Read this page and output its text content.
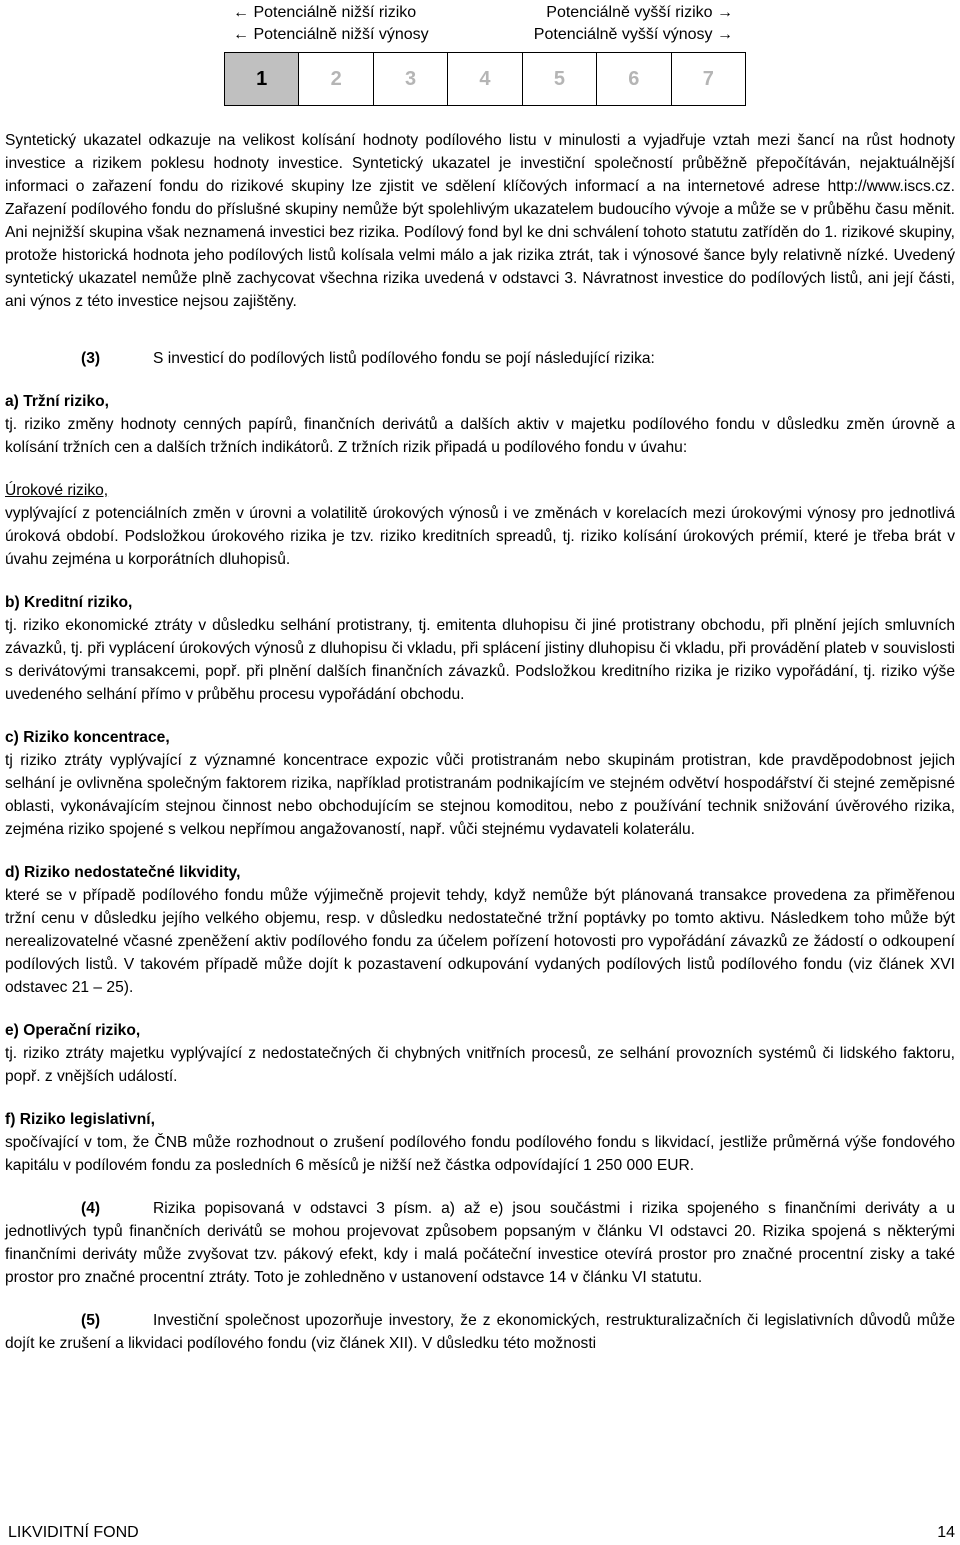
← Potenciálně nižší riziko	Potenciálně vyšší riziko →
← Potenciálně nižší výnosy	Potenciálně vyšší výnosy →
1	2	3	4	5	6	7

Syntetický ukazatel odkazuje na velikost kolísání hodnoty podílového listu v minulosti a vyjadřuje vztah mezi šancí na růst hodnoty investice a rizikem poklesu hodnoty investice. Syntetický ukazatel je investiční společností průběžně přepočítáván, nejaktuálnější informaci o zařazení fondu do rizikové skupiny lze zjistit ve sdělení klíčových informací a na internetové adrese http://www.iscs.cz. Zařazení podílového fondu do příslušné skupiny nemůže být spolehlivým ukazatelem budoucího vývoje a může se v průběhu času měnit. Ani nejnižší skupina však neznamená investici bez rizika. Podílový fond byl ke dni schválení tohoto statutu zatříděn do 1. rizikové skupiny, protože historická hodnota jeho podílových listů kolísala velmi málo a jak rizika ztrát, tak i výnosové šance byly relativně nízké. Uvedený syntetický ukazatel nemůže plně zachycovat všechna rizika uvedená v odstavci 3. Návratnost investice do podílových listů, ani její části, ani výnos z této investice nejsou zajištěny.

(3)	S investicí do podílových listů podílového fondu se pojí následující rizika:

a) Tržní riziko,

tj. riziko změny hodnoty cenných papírů, finančních derivátů a dalších aktiv v majetku podílového fondu v důsledku změn úrovně a kolísání tržních cen a dalších tržních indikátorů. Z tržních rizik připadá u podílového fondu v úvahu:

Úrokové riziko,

vyplývající z potenciálních změn v úrovni a volatilitě úrokových výnosů i ve změnách v korelacích mezi úrokovými výnosy pro jednotlivá úroková období. Podsložkou úrokového rizika je tzv. riziko kreditních spreadů, tj. riziko kolísání úrokových prémií, které je třeba brát v úvahu zejména u korporátních dluhopisů.

b) Kreditní riziko,

tj. riziko ekonomické ztráty v důsledku selhání protistrany, tj. emitenta dluhopisu či jiné protistrany obchodu, při plnění jejích smluvních závazků, tj. při vyplácení úrokových výnosů z dluhopisu či vkladu, při splácení jistiny dluhopisu či vkladu, při provádění plateb v souvislosti s derivátovými transakcemi, popř. při plnění dalších finančních závazků. Podsložkou kreditního rizika je riziko vypořádání, tj. riziko výše uvedeného selhání přímo v průběhu procesu vypořádání obchodu.

c) Riziko koncentrace,

tj riziko ztráty vyplývající z významné koncentrace expozic vůči protistranám nebo skupinám protistran, kde pravděpodobnost jejich selhání je ovlivněna společným faktorem rizika, například protistranám podnikajícím ve stejném odvětví hospodářství či stejné zeměpisné oblasti, vykonávajícím stejnou činnost nebo obchodujícím se stejnou komoditou, nebo z používání technik snižování úvěrového rizika, zejména riziko spojené s velkou nepřímou angažovaností, např. vůči stejnému vydavateli kolaterálu.

d) Riziko nedostatečné likvidity,

které se v případě podílového fondu může výjimečně projevit tehdy, když nemůže být plánovaná transakce provedena za přiměřenou tržní cenu v důsledku jejího velkého objemu, resp. v důsledku nedostatečné tržní poptávky po tomto aktivu. Následkem toho může být nerealizovatelné včasné zpeněžení aktiv podílového fondu za účelem pořízení hotovosti pro vypořádání závazků ze žádostí o odkoupení podílových listů. V takovém případě může dojít k pozastavení odkupování vydaných podílových listů podílového fondu (viz článek XVI odstavec 21 – 25).

e) Operační riziko,

tj. riziko ztráty majetku vyplývající z nedostatečných či chybných vnitřních procesů, ze selhání provozních systémů či lidského faktoru, popř. z vnějších událostí.

f) Riziko legislativní,

spočívající v tom, že ČNB může rozhodnout o zrušení podílového fondu podílového fondu s likvidací, jestliže průměrná výše fondového kapitálu v podílovém fondu za posledních 6 měsíců je nižší než částka odpovídající 1 250 000 EUR.

(4)	Rizika popisovaná v odstavci 3 písm. a) až e) jsou součástmi i rizika spojeného s finančními deriváty a u jednotlivých typů finančních derivátů se mohou projevovat způsobem popsaným v článku VI odstavci 20. Rizika spojená s některými finančními deriváty může zvyšovat tzv. pákový efekt, kdy i malá počáteční investice otevírá prostor pro značné procentní zisky a také prostor pro značné procentní ztráty. Toto je zohledněno v ustanovení odstavce 14 v článku VI statutu.

(5)	Investiční společnost upozorňuje investory, že z ekonomických, restrukturalizačních či legislativních důvodů může dojít ke zrušení a likvidaci podílového fondu (viz článek XII). V důsledku této možnosti

LIKVIDITNÍ FOND	14
